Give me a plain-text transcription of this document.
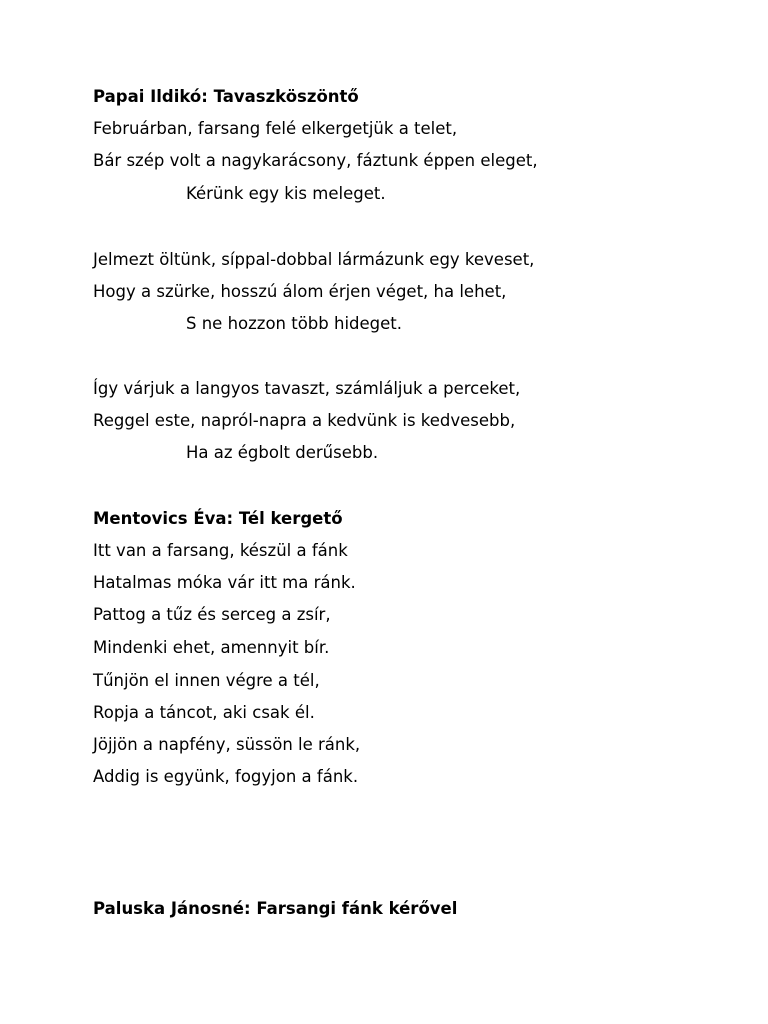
Papai Ildikó: Tavaszköszöntő
Februárban, farsang felé elkergetjük a telet,
Bár szép volt a nagykarácsony, fáztunk éppen eleget,
Kérünk egy kis meleget.
Jelmezt öltünk, síppal-dobbal lármázunk egy keveset,
Hogy a szürke, hosszú álom érjen véget, ha lehet,
S ne hozzon több hideget.
Így várjuk a langyos tavaszt, számláljuk a perceket,
Reggel este, napról-napra a kedvünk is kedvesebb,
Ha az égbolt derűsebb.
Mentovics Éva: Tél kergető
Itt van a farsang, készül a fánk
Hatalmas móka vár itt ma ránk.
Pattog a tűz és serceg a zsír,
Mindenki ehet, amennyit bír.
Tűnjön el innen végre a tél,
Ropja a táncot, aki csak él.
Jöjjön a napfény, süssön le ránk,
Addig is együnk, fogyjon a fánk.
Paluska Jánosné: Farsangi fánk kérővel
